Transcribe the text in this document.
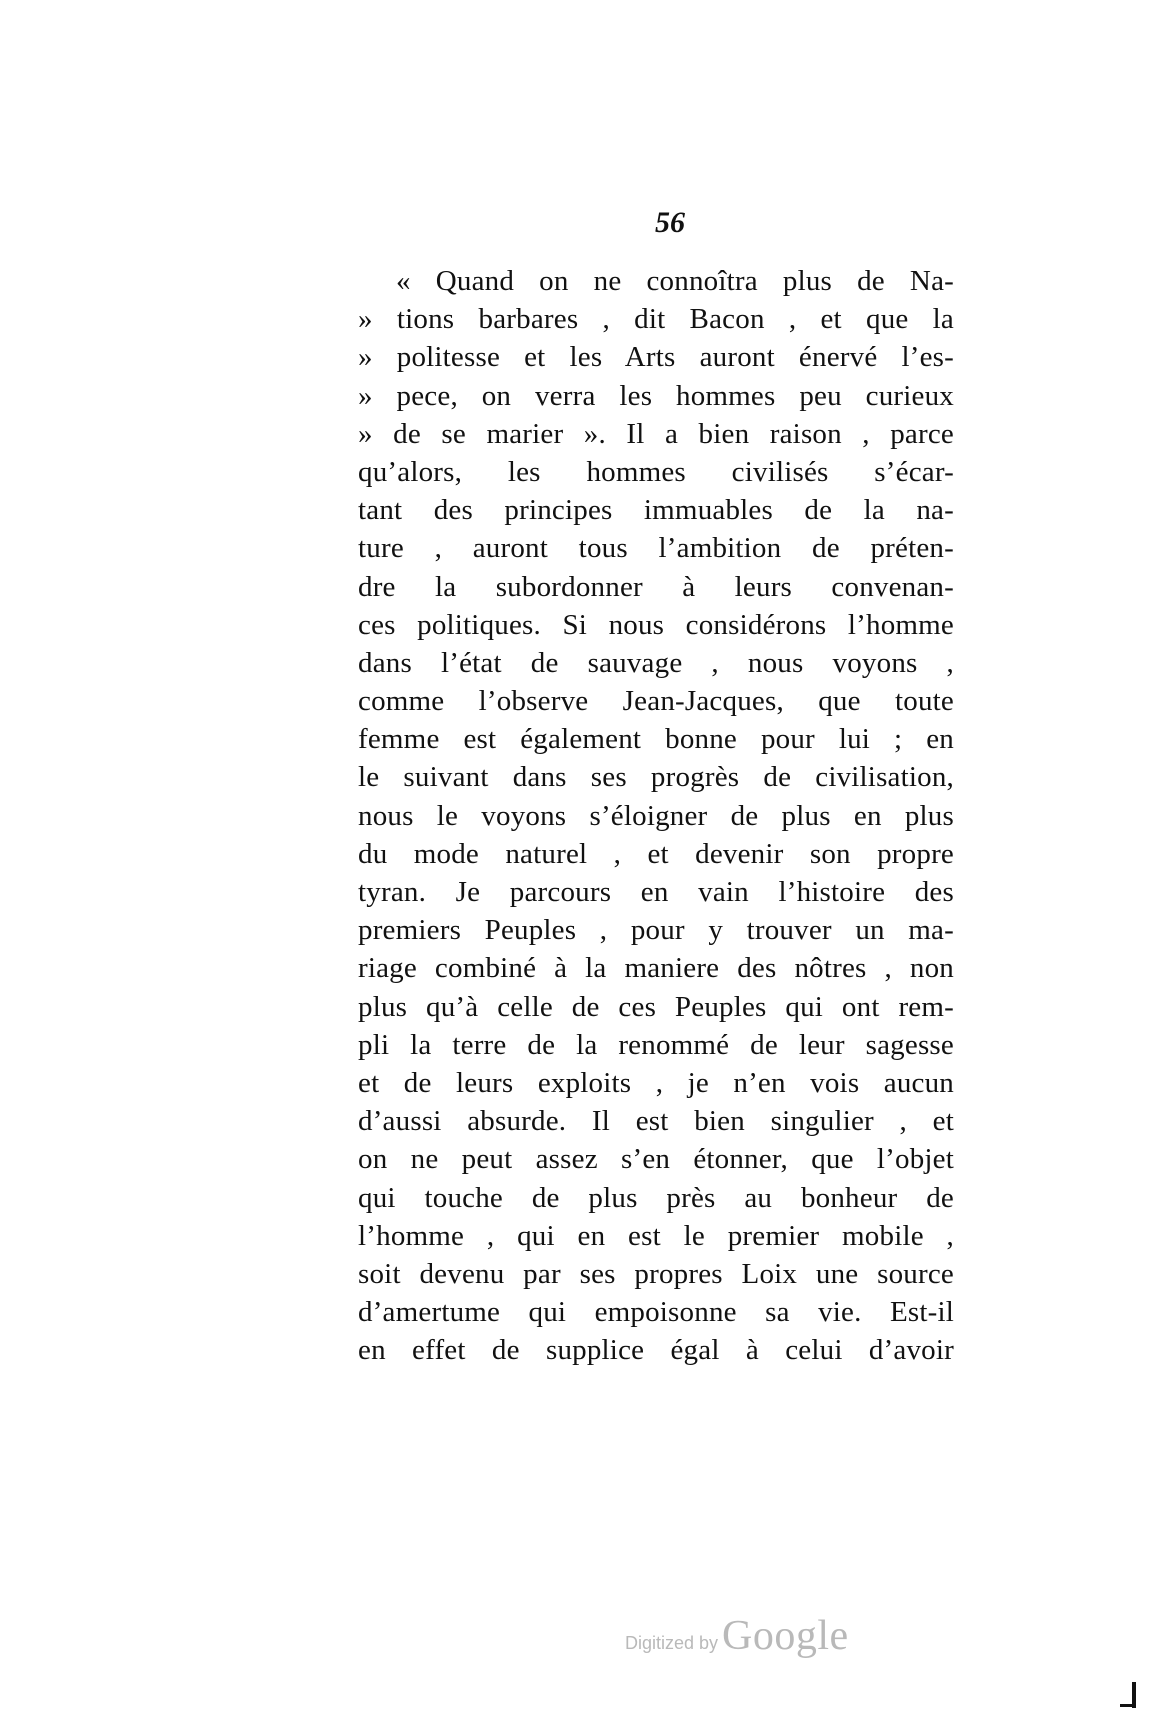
56
« Quand on ne connoîtra plus de Na-
» tions barbares , dit Bacon , et que la
» politesse et les Arts auront énervé l’es-
» pece, on verra les hommes peu curieux
» de se marier ». Il a bien raison , parce
qu’alors, les hommes civilisés s’écar-
tant des principes immuables de la na-
ture , auront tous l’ambition de préten-
dre la subordonner à leurs convenan-
ces politiques. Si nous considérons l’homme
dans l’état de sauvage , nous voyons ,
comme l’observe Jean-Jacques, que toute
femme est également bonne pour lui ; en
le suivant dans ses progrès de civilisation,
nous le voyons s’éloigner de plus en plus
du mode naturel , et devenir son propre
tyran. Je parcours en vain l’histoire des
premiers Peuples , pour y trouver un ma-
riage combiné à la maniere des nôtres , non
plus qu’à celle de ces Peuples qui ont rem-
pli la terre de la renommé de leur sagesse
et de leurs exploits , je n’en vois aucun
d’aussi absurde. Il est bien singulier , et
on ne peut assez s’en étonner, que l’objet
qui touche de plus près au bonheur de
l’homme , qui en est le premier mobile ,
soit devenu par ses propres Loix une source
d’amertume qui empoisonne sa vie. Est-il
en effet de supplice égal à celui d’avoir
Digitized by Google
